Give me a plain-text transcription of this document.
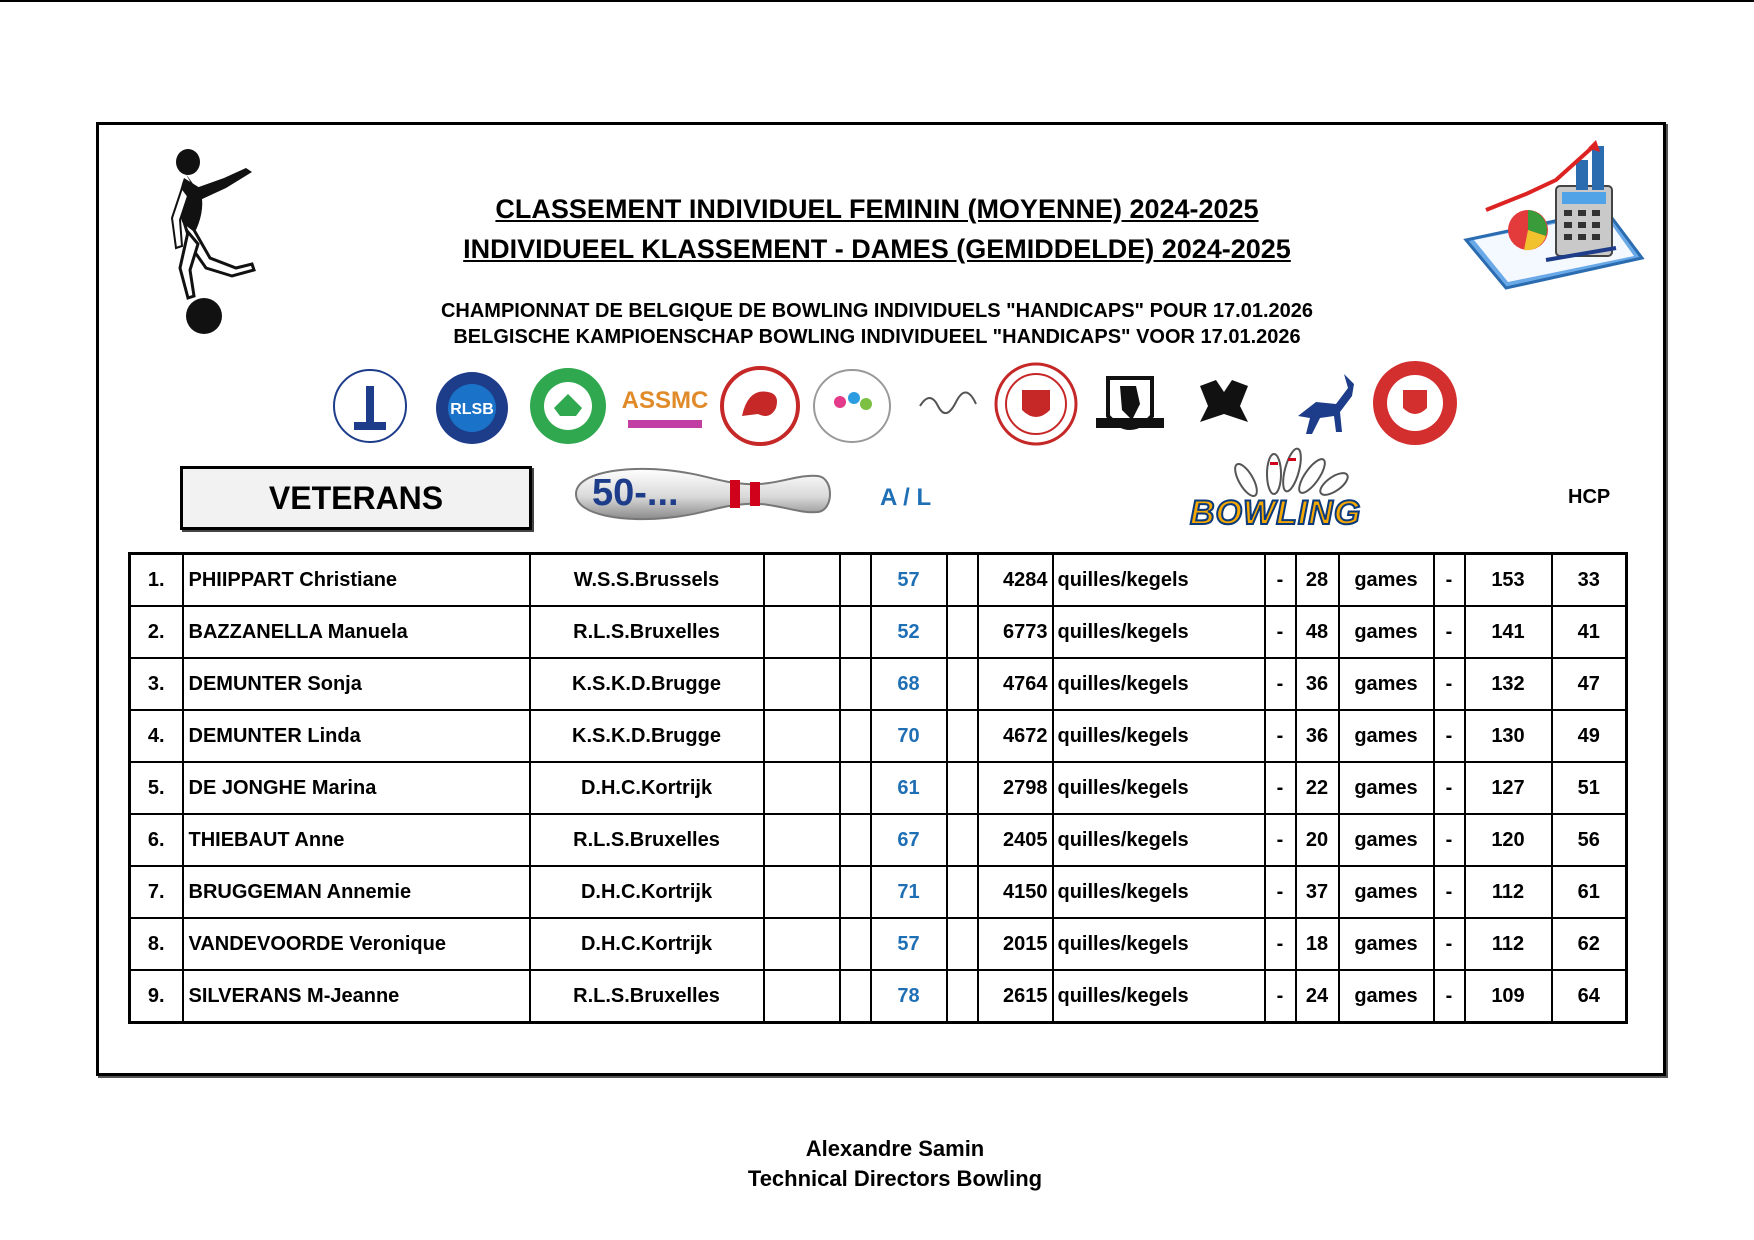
CLASSEMENT INDIVIDUEL FEMININ (MOYENNE) 2024-2025
INDIVIDUEEL KLASSEMENT - DAMES (GEMIDDELDE) 2024-2025
CHAMPIONNAT DE BELGIQUE DE BOWLING INDIVIDUELS "HANDICAPS" POUR 17.01.2026
BELGISCHE KAMPIOENSCHAP BOWLING INDIVIDUEEL "HANDICAPS" VOOR 17.01.2026
RLSB	ASSMC
VETERANS	50-...	A / L	BOWLING	HCP
1.	PHIIPPART Christiane	W.S.S.Brussels			57		4284	quilles/kegels	-	28	games	-	153	33
2.	BAZZANELLA Manuela	R.L.S.Bruxelles			52		6773	quilles/kegels	-	48	games	-	141	41
3.	DEMUNTER Sonja	K.S.K.D.Brugge			68		4764	quilles/kegels	-	36	games	-	132	47
4.	DEMUNTER Linda	K.S.K.D.Brugge			70		4672	quilles/kegels	-	36	games	-	130	49
5.	DE JONGHE Marina	D.H.C.Kortrijk			61		2798	quilles/kegels	-	22	games	-	127	51
6.	THIEBAUT Anne	R.L.S.Bruxelles			67		2405	quilles/kegels	-	20	games	-	120	56
7.	BRUGGEMAN Annemie	D.H.C.Kortrijk			71		4150	quilles/kegels	-	37	games	-	112	61
8.	VANDEVOORDE Veronique	D.H.C.Kortrijk			57		2015	quilles/kegels	-	18	games	-	112	62
9.	SILVERANS M-Jeanne	R.L.S.Bruxelles			78		2615	quilles/kegels	-	24	games	-	109	64
Alexandre Samin
Technical Directors Bowling
